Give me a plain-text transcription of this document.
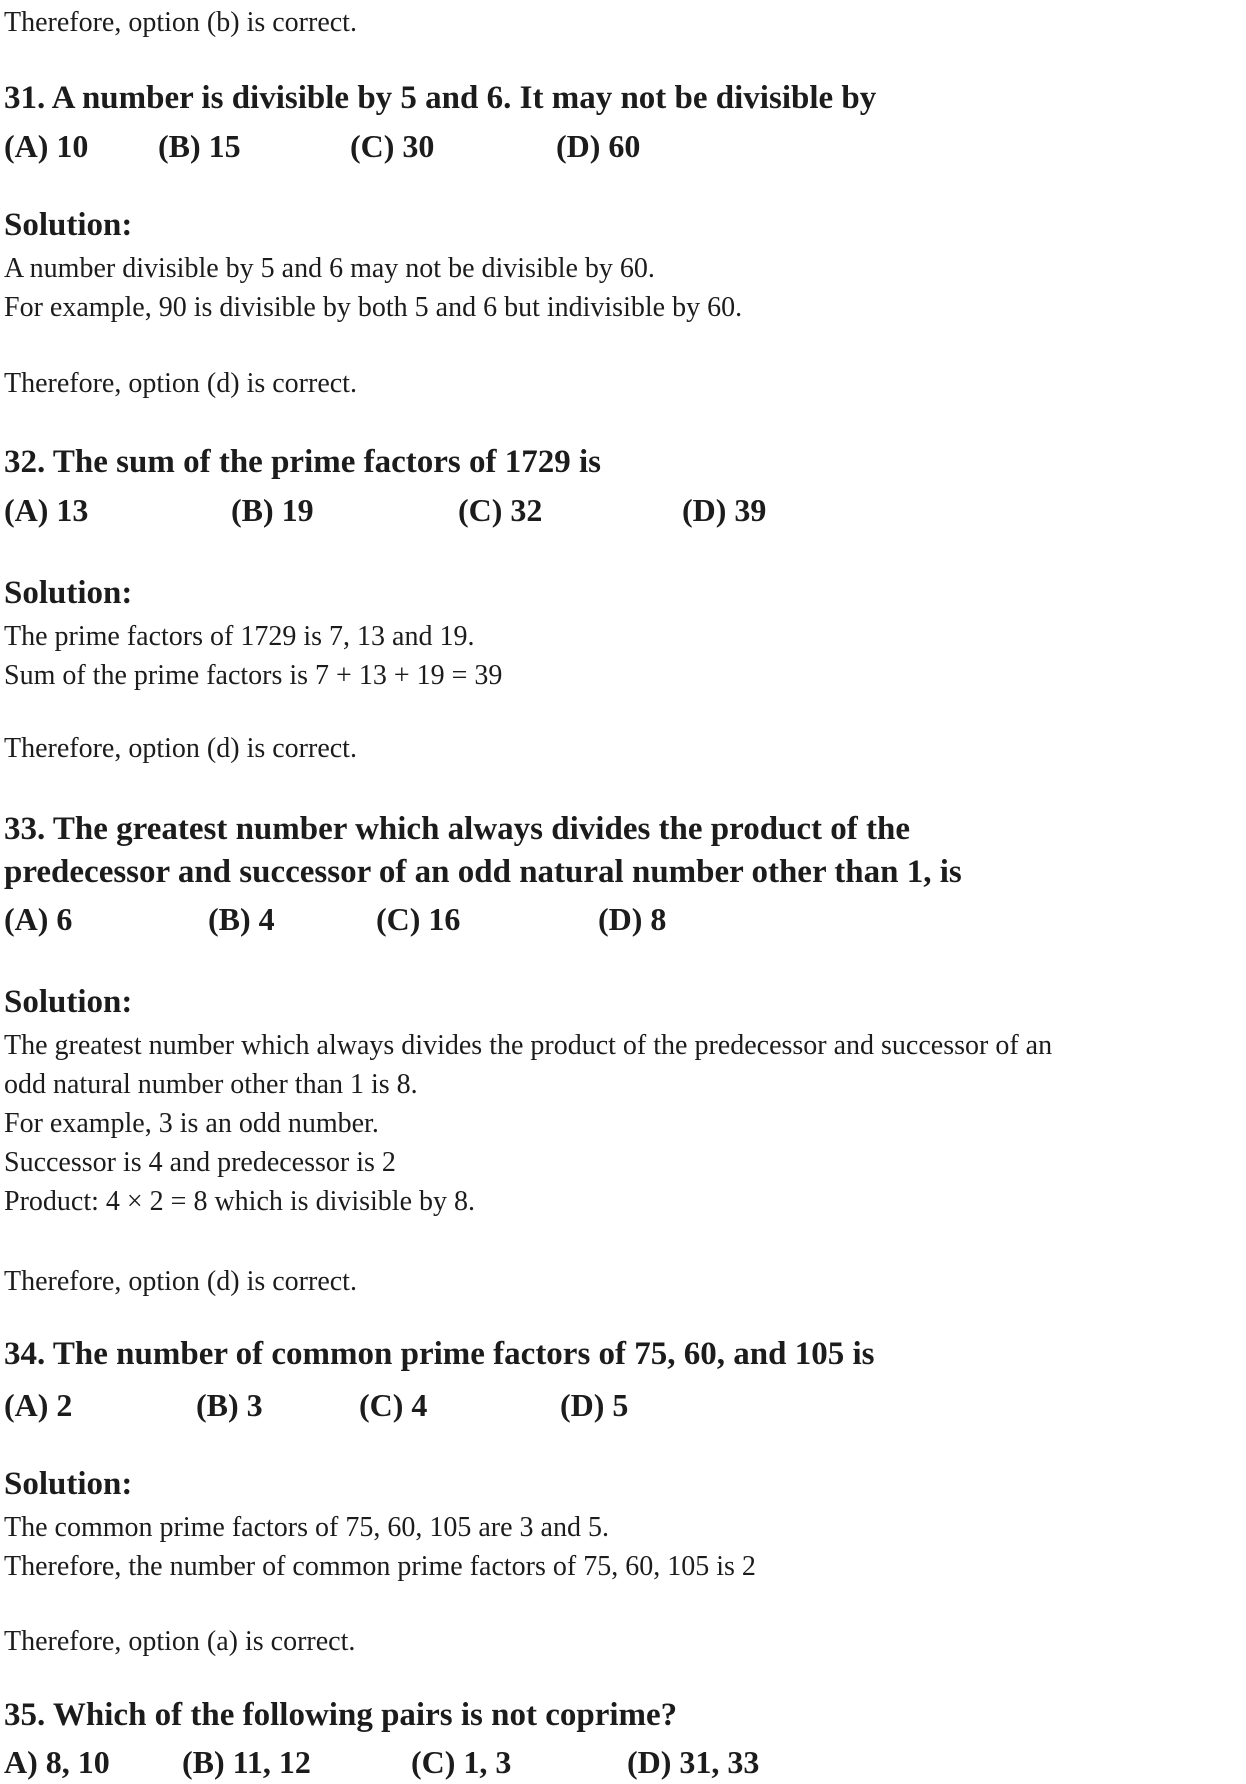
Therefore, option (b) is correct.
31. A number is divisible by 5 and 6. It may not be divisible by
(A) 10	(B) 15	(C) 30	(D) 60
Solution:
A number divisible by 5 and 6 may not be divisible by 60.
For example, 90 is divisible by both 5 and 6 but indivisible by 60.
Therefore, option (d) is correct.
32. The sum of the prime factors of 1729 is
(A) 13	(B) 19	(C) 32	(D) 39
Solution:
The prime factors of 1729 is 7, 13 and 19.
Sum of the prime factors is 7 + 13 + 19 = 39
Therefore, option (d) is correct.
33. The greatest number which always divides the product of the
predecessor and successor of an odd natural number other than 1, is
(A) 6	(B) 4	(C) 16	(D) 8
Solution:
The greatest number which always divides the product of the predecessor and successor of an
odd natural number other than 1 is 8.
For example, 3 is an odd number.
Successor is 4 and predecessor is 2
Product: 4 × 2 = 8 which is divisible by 8.
Therefore, option (d) is correct.
34. The number of common prime factors of 75, 60, and 105 is
(A) 2	(B) 3	(C) 4	(D) 5
Solution:
The common prime factors of 75, 60, 105 are 3 and 5.
Therefore, the number of common prime factors of 75, 60, 105 is 2
Therefore, option (a) is correct.
35. Which of the following pairs is not coprime?
A) 8, 10	(B) 11, 12	(C) 1, 3	(D) 31, 33
